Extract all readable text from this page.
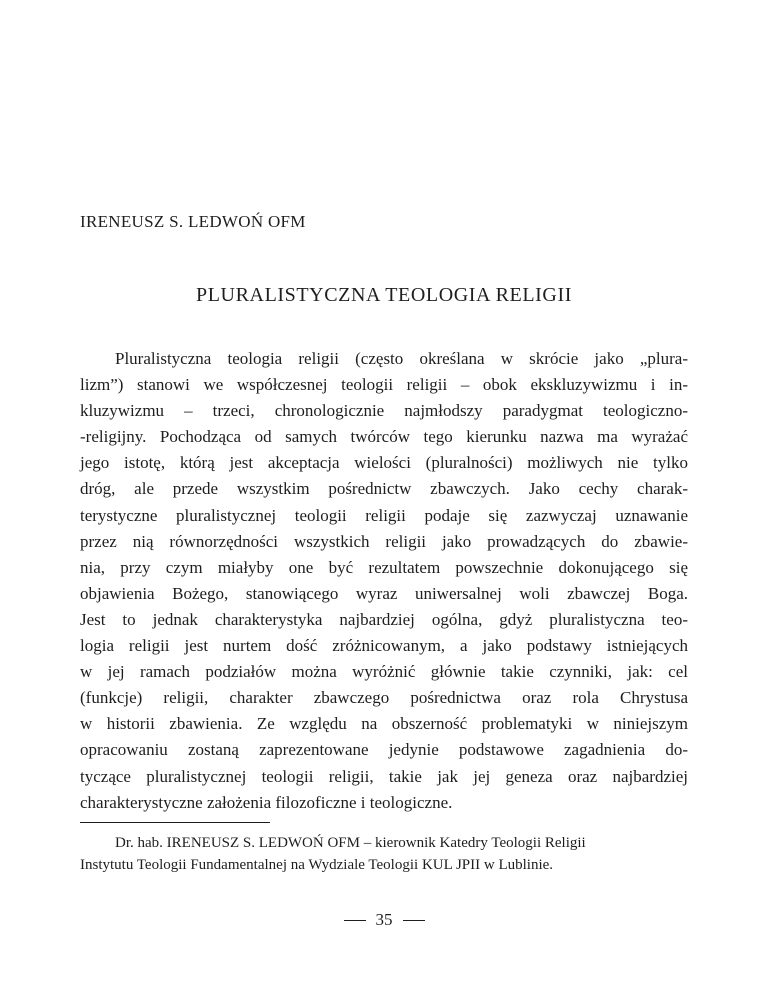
IRENEUSZ S. LEDWOŃ OFM
PLURALISTYCZNA TEOLOGIA RELIGII

Pluralistyczna teologia religii (często określana w skrócie jako „plura-
lizm”) stanowi we współczesnej teologii religii – obok ekskluzywizmu i in-
kluzywizmu – trzeci, chronologicznie najmłodszy paradygmat teologiczno-
-religijny. Pochodząca od samych twórców tego kierunku nazwa ma wyrażać
jego istotę, którą jest akceptacja wielości (pluralności) możliwych nie tylko
dróg, ale przede wszystkim pośrednictw zbawczych. Jako cechy charak-
terystyczne pluralistycznej teologii religii podaje się zazwyczaj uznawanie
przez nią równorzędności wszystkich religii jako prowadzących do zbawie-
nia, przy czym miałyby one być rezultatem powszechnie dokonującego się
objawienia Bożego, stanowiącego wyraz uniwersalnej woli zbawczej Boga.
Jest to jednak charakterystyka najbardziej ogólna, gdyż pluralistyczna teo-
logia religii jest nurtem dość zróżnicowanym, a jako podstawy istniejących
w jej ramach podziałów można wyróżnić głównie takie czynniki, jak: cel
(funkcje) religii, charakter zbawczego pośrednictwa oraz rola Chrystusa
w historii zbawienia. Ze względu na obszerność problematyki w niniejszym
opracowaniu zostaną zaprezentowane jedynie podstawowe zagadnienia do-
tyczące pluralistycznej teologii religii, takie jak jej geneza oraz najbardziej
charakterystyczne założenia filozoficzne i teologiczne.

Dr. hab. IRENEUSZ S. LEDWOŃ OFM – kierownik Katedry Teologii Religii
Instytutu Teologii Fundamentalnej na Wydziale Teologii KUL JPII w Lublinie.

35
